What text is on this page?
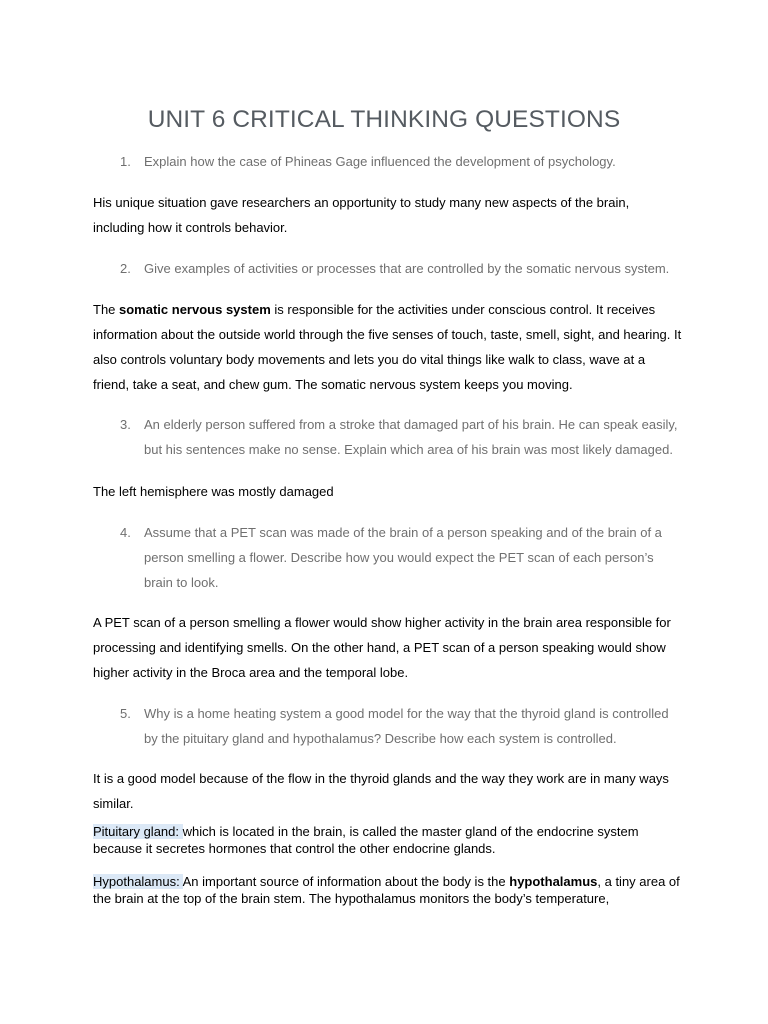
UNIT 6 CRITICAL THINKING QUESTIONS
1.	Explain how the case of Phineas Gage influenced the development of psychology.
His unique situation gave researchers an opportunity to study many new aspects of the brain, including how it controls behavior.
2.	Give examples of activities or processes that are controlled by the somatic nervous system.
The somatic nervous system is responsible for the activities under conscious control. It receives information about the outside world through the five senses of touch, taste, smell, sight, and hearing. It also controls voluntary body movements and lets you do vital things like walk to class, wave at a friend, take a seat, and chew gum. The somatic nervous system keeps you moving.
3.	An elderly person suffered from a stroke that damaged part of his brain. He can speak easily, but his sentences make no sense. Explain which area of his brain was most likely damaged.
The left hemisphere was mostly damaged
4.	Assume that a PET scan was made of the brain of a person speaking and of the brain of a person smelling a flower. Describe how you would expect the PET scan of each person’s brain to look.
A PET scan of a person smelling a flower would show higher activity in the brain area responsible for processing and identifying smells. On the other hand, a PET scan of a person speaking would show higher activity in the Broca area and the temporal lobe.
5.	Why is a home heating system a good model for the way that the thyroid gland is controlled by the pituitary gland and hypothalamus? Describe how each system is controlled.
It is a good model because of the flow in the thyroid glands and the way they work are in many ways similar.
Pituitary gland: which is located in the brain, is called the master gland of the endocrine system because it secretes hormones that control the other endocrine glands.
Hypothalamus: An important source of information about the body is the hypothalamus, a tiny area of the brain at the top of the brain stem. The hypothalamus monitors the body’s temperature,
